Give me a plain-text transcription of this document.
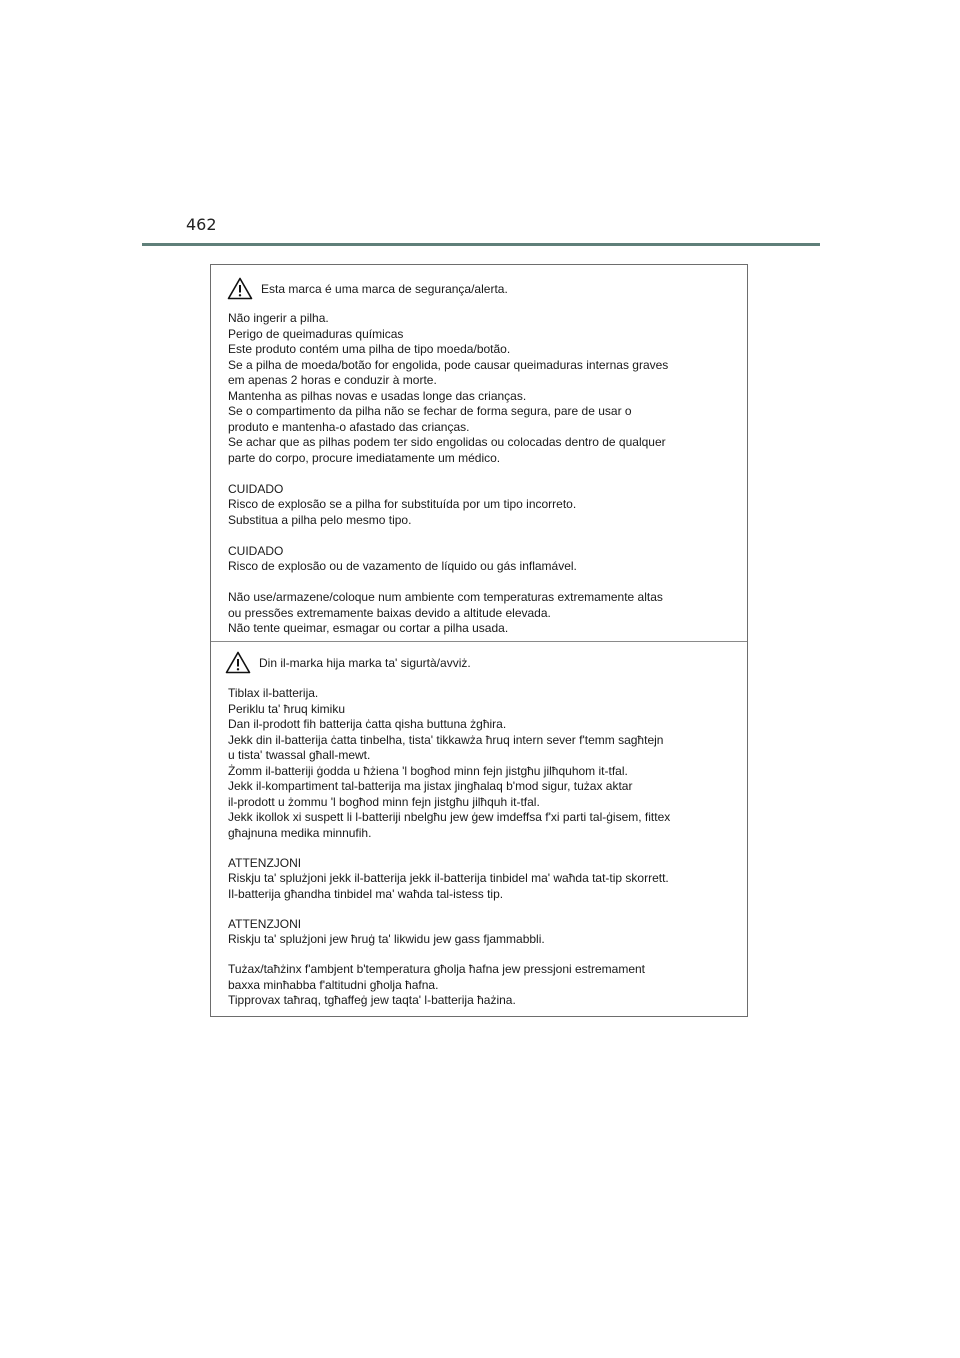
462
Esta marca é uma marca de segurança/alerta.

Não ingerir a pilha.
Perigo de queimaduras químicas
Este produto contém uma pilha de tipo moeda/botão.
Se a pilha de moeda/botão for engolida, pode causar queimaduras internas graves
em apenas 2 horas e conduzir à morte.
Mantenha as pilhas novas e usadas longe das crianças.
Se o compartimento da pilha não se fechar de forma segura, pare de usar o
produto e mantenha-o afastado das crianças.
Se achar que as pilhas podem ter sido engolidas ou colocadas dentro de qualquer
parte do corpo, procure imediatamente um médico.

CUIDADO
Risco de explosão se a pilha for substituída por um tipo incorreto.
Substitua a pilha pelo mesmo tipo.

CUIDADO
Risco de explosão ou de vazamento de líquido ou gás inflamável.

Não use/armazene/coloque num ambiente com temperaturas extremamente altas
ou pressões extremamente baixas devido a altitude elevada.
Não tente queimar, esmagar ou cortar a pilha usada.

Din il-marka hija marka ta' sigurtà/avviż.

Tiblax il-batterija.
Periklu ta' ħruq kimiku
Dan il-prodott fih batterija ċatta qisha buttuna żgħira.
Jekk din il-batterija ċatta tinbelha, tista' tikkawża ħruq intern sever f'temm sagħtejn
u tista' twassal għall-mewt.
Żomm il-batteriji ġodda u ħżiena 'l bogħod minn fejn jistgħu jilħquhom it-tfal.
Jekk il-kompartiment tal-batterija ma jistax jingħalaq b'mod sigur, tużax aktar
il-prodott u żommu 'l bogħod minn fejn jistgħu jilħquh it-tfal.
Jekk ikollok xi suspett li l-batteriji nbelgħu jew ġew imdeffsa f'xi parti tal-ġisem, fittex
għajnuna medika minnufih.

ATTENZJONI
Riskju ta' splużjoni jekk il-batterija jekk il-batterija tinbidel ma' waħda tat-tip skorrett.
Il-batterija għandha tinbidel ma' waħda tal-istess tip.

ATTENZJONI
Riskju ta' splużjoni jew ħruġ ta' likwidu jew gass fjammabbli.

Tużax/taħżinx f'ambjent b'temperatura għolja ħafna jew pressjoni estremament
baxxa minħabba f'altitudni għolja ħafna.
Tipprovax taħraq, tgħaffeġ jew taqta' l-batterija ħażina.
